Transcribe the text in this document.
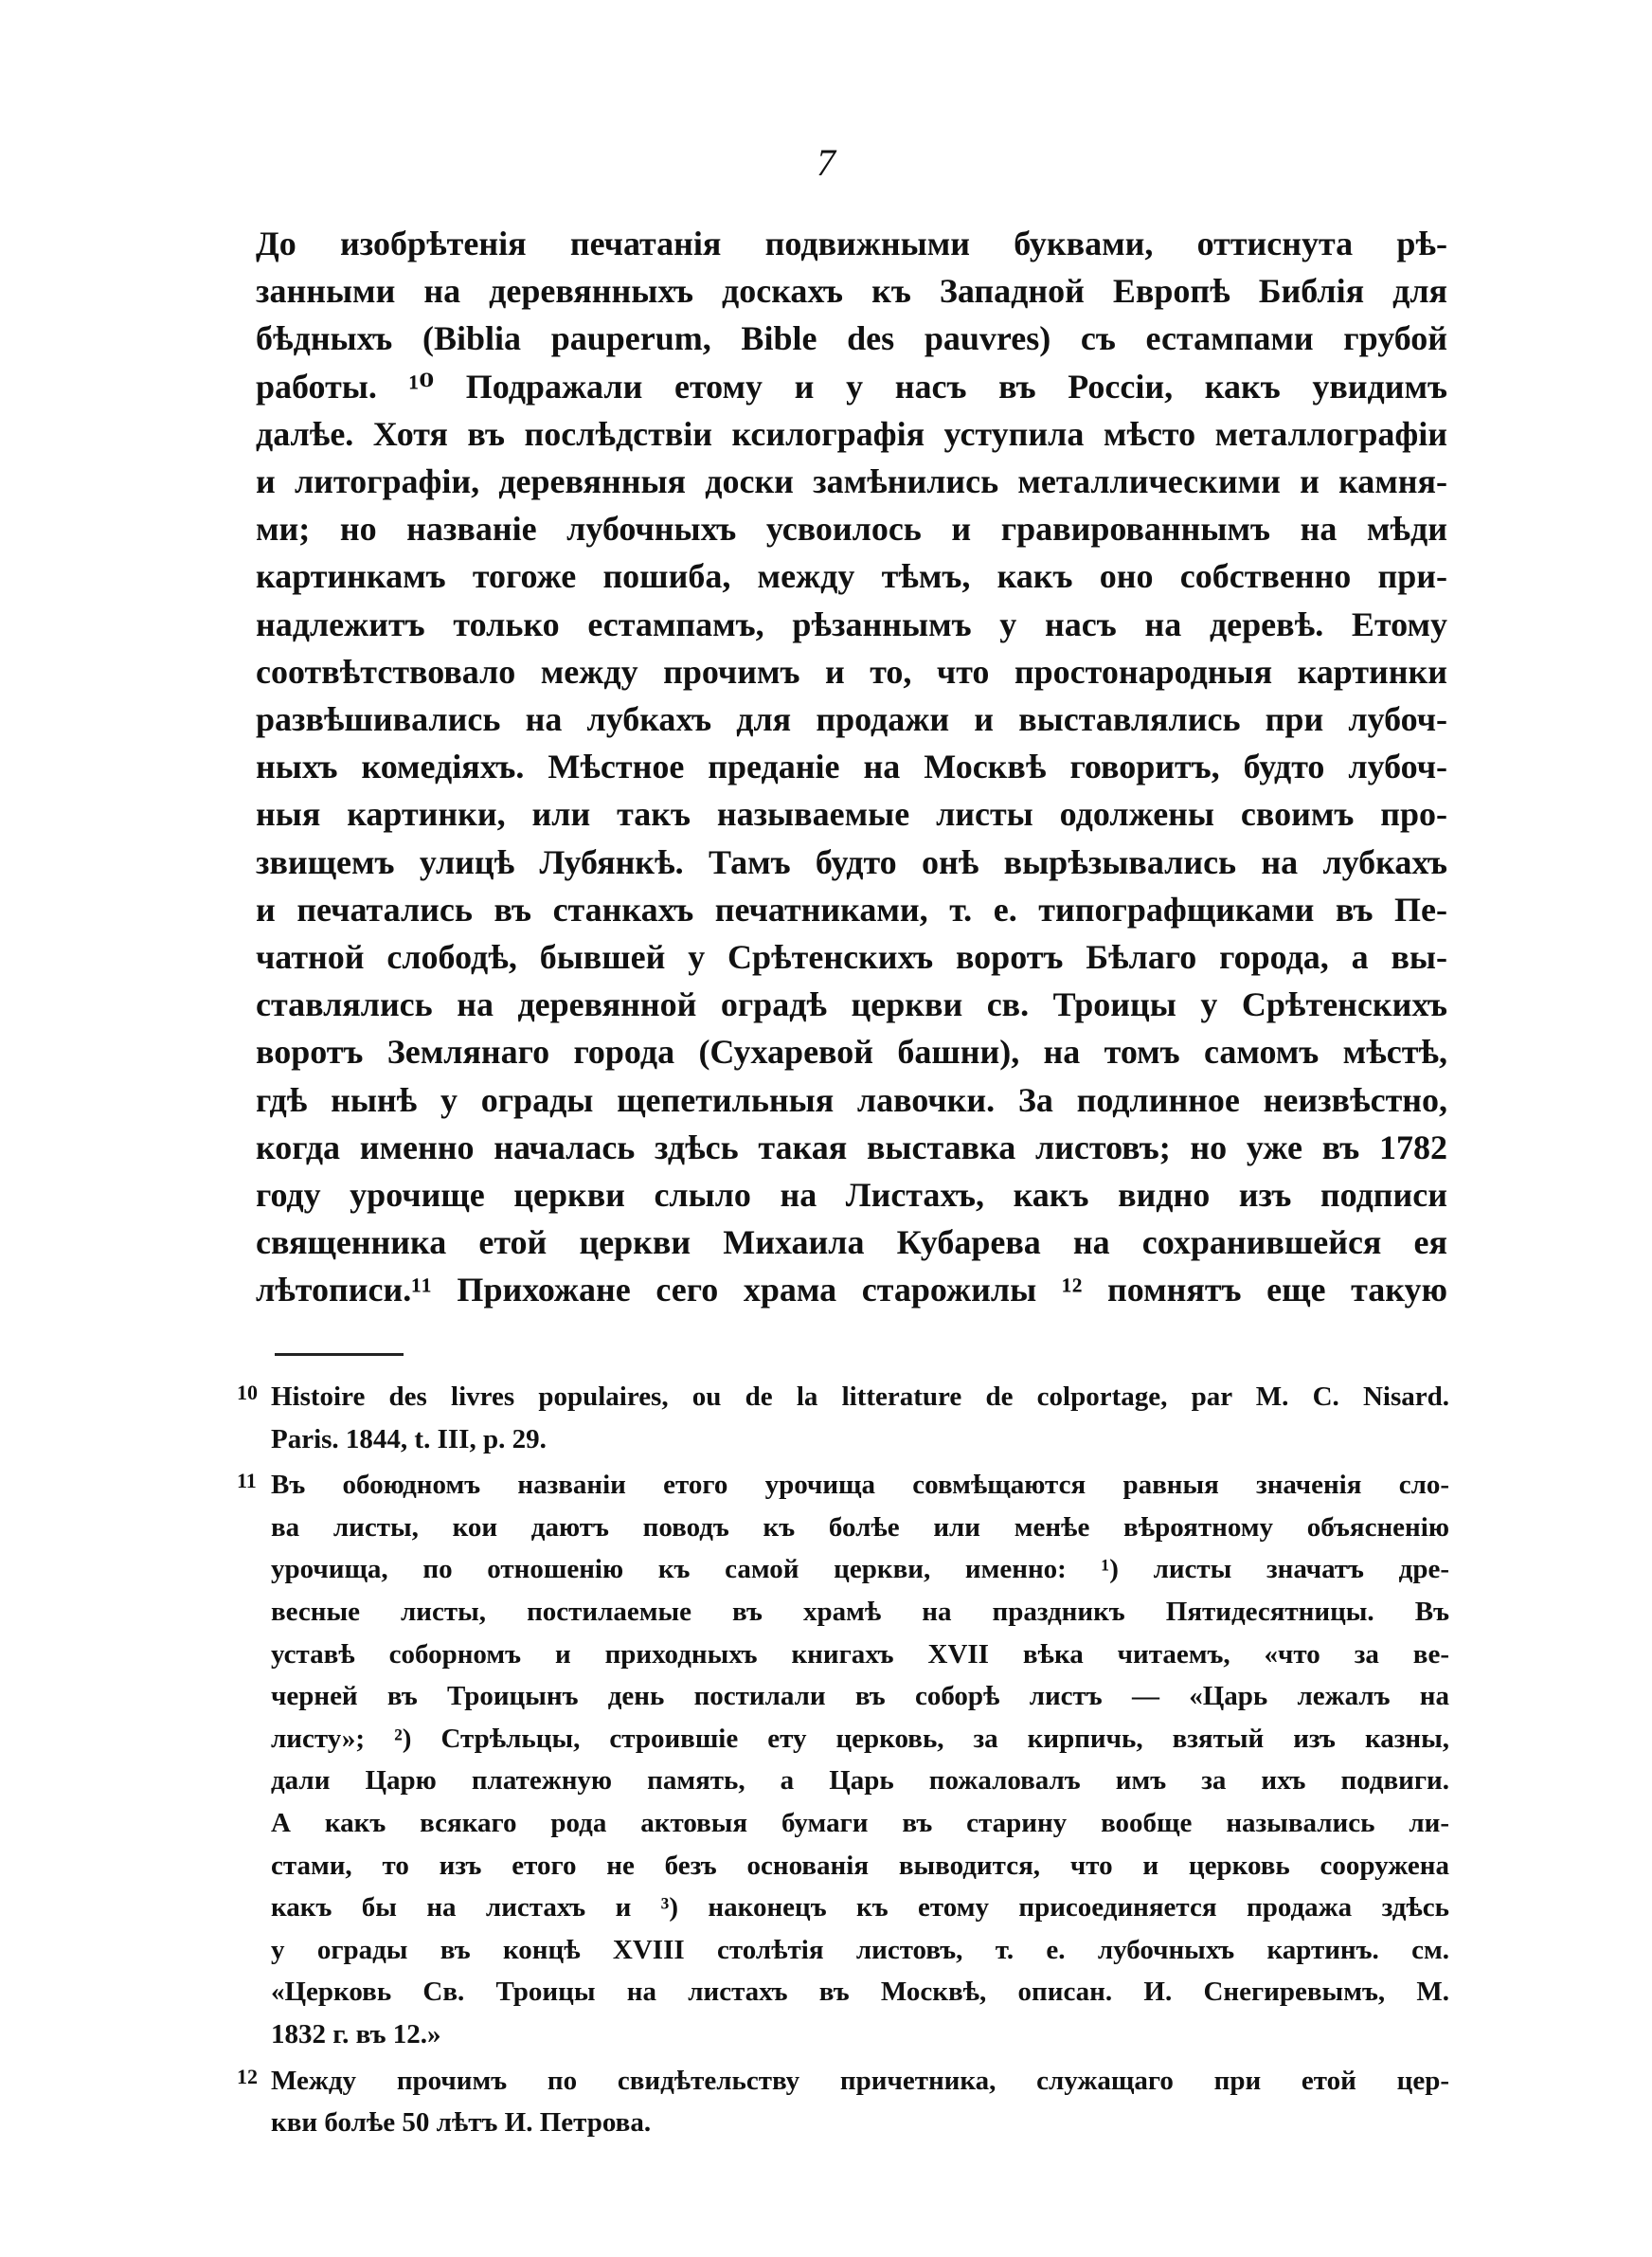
7
До изобрѣтенія печатанія подвижными буквами, оттиснута рѣ-
занными на деревянныхъ доскахъ къ Западной Европѣ Библія для
бѣдныхъ (Biblia pauperum, Bible des pauvres) съ естампами грубой
работы. ¹⁰ Подражали етому и у насъ въ Россіи, какъ увидимъ
далѣе. Хотя въ послѣдствіи ксилографія уступила мѣсто металлографіи
и литографіи, деревянныя доски замѣнились металлическими и камня-
ми; но названіе лубочныхъ усвоилось и гравированнымъ на мѣди
картинкамъ тогоже пошиба, между тѣмъ, какъ оно собственно при-
надлежитъ только естампамъ, рѣзаннымъ у насъ на деревѣ. Етому
соотвѣтствовало между прочимъ и то, что простонародныя картинки
развѣшивались на лубкахъ для продажи и выставлялись при лубоч-
ныхъ комедіяхъ. Мѣстное преданіе на Москвѣ говоритъ, будто лубоч-
ныя картинки, или такъ называемые листы одолжены своимъ про-
звищемъ улицѣ Лубянкѣ. Тамъ будто онѣ вырѣзывались на лубкахъ
и печатались въ станкахъ печатниками, т. е. типографщиками въ Пе-
чатной слободѣ, бывшей у Срѣтенскихъ воротъ Бѣлаго города, а вы-
ставлялись на деревянной оградѣ церкви св. Троицы у Срѣтенскихъ
воротъ Землянаго города (Сухаревой башни), на томъ самомъ мѣстѣ,
гдѣ нынѣ у ограды щепетильныя лавочки. За подлинное неизвѣстно,
когда именно началась здѣсь такая выставка листовъ; но уже въ 1782
году урочище церкви слыло на Листахъ, какъ видно изъ подписи
священника етой церкви Михаила Кубарева на сохранившейся ея
лѣтописи.¹¹ Прихожане сего храма старожилы ¹² помнятъ еще такую
10 Histoire des livres populaires, ou de la litterature de colportage, par M. C. Nisard.
Paris. 1844, t. III, p. 29.
11 Въ обоюдномъ названіи етого урочища совмѣщаются равныя значенія сло-
ва листы, кои даютъ поводъ къ болѣе или менѣе вѣроятному объясненію
урочища, по отношенію къ самой церкви, именно: ¹) листы значатъ дре-
весные листы, постилаемые въ храмѣ на праздникъ Пятидесятницы. Въ
уставѣ соборномъ и приходныхъ книгахъ XVII вѣка читаемъ, «что за ве-
черней въ Троицынъ день постилали въ соборѣ листъ — «Царь лежалъ на
листу»; ²) Стрѣльцы, строившіе ету церковь, за кирпичь, взятый изъ казны,
дали Царю платежную память, а Царь пожаловалъ имъ за ихъ подвиги.
А какъ всякаго рода актовыя бумаги въ старину вообще назывались ли-
стами, то изъ етого не безъ основанія выводится, что и церковь сооружена
какъ бы на листахъ и ³) наконецъ къ етому присоединяется продажа здѣсь
у ограды въ концѣ XVIII столѣтія листовъ, т. е. лубочныхъ картинъ. см.
«Церковь Св. Троицы на листахъ въ Москвѣ, описан. И. Снегиревымъ, М.
1832 г. въ 12.»
12 Между прочимъ по свидѣтельству причетника, служащаго при етой цер-
кви болѣе 50 лѣтъ И. Петрова.
